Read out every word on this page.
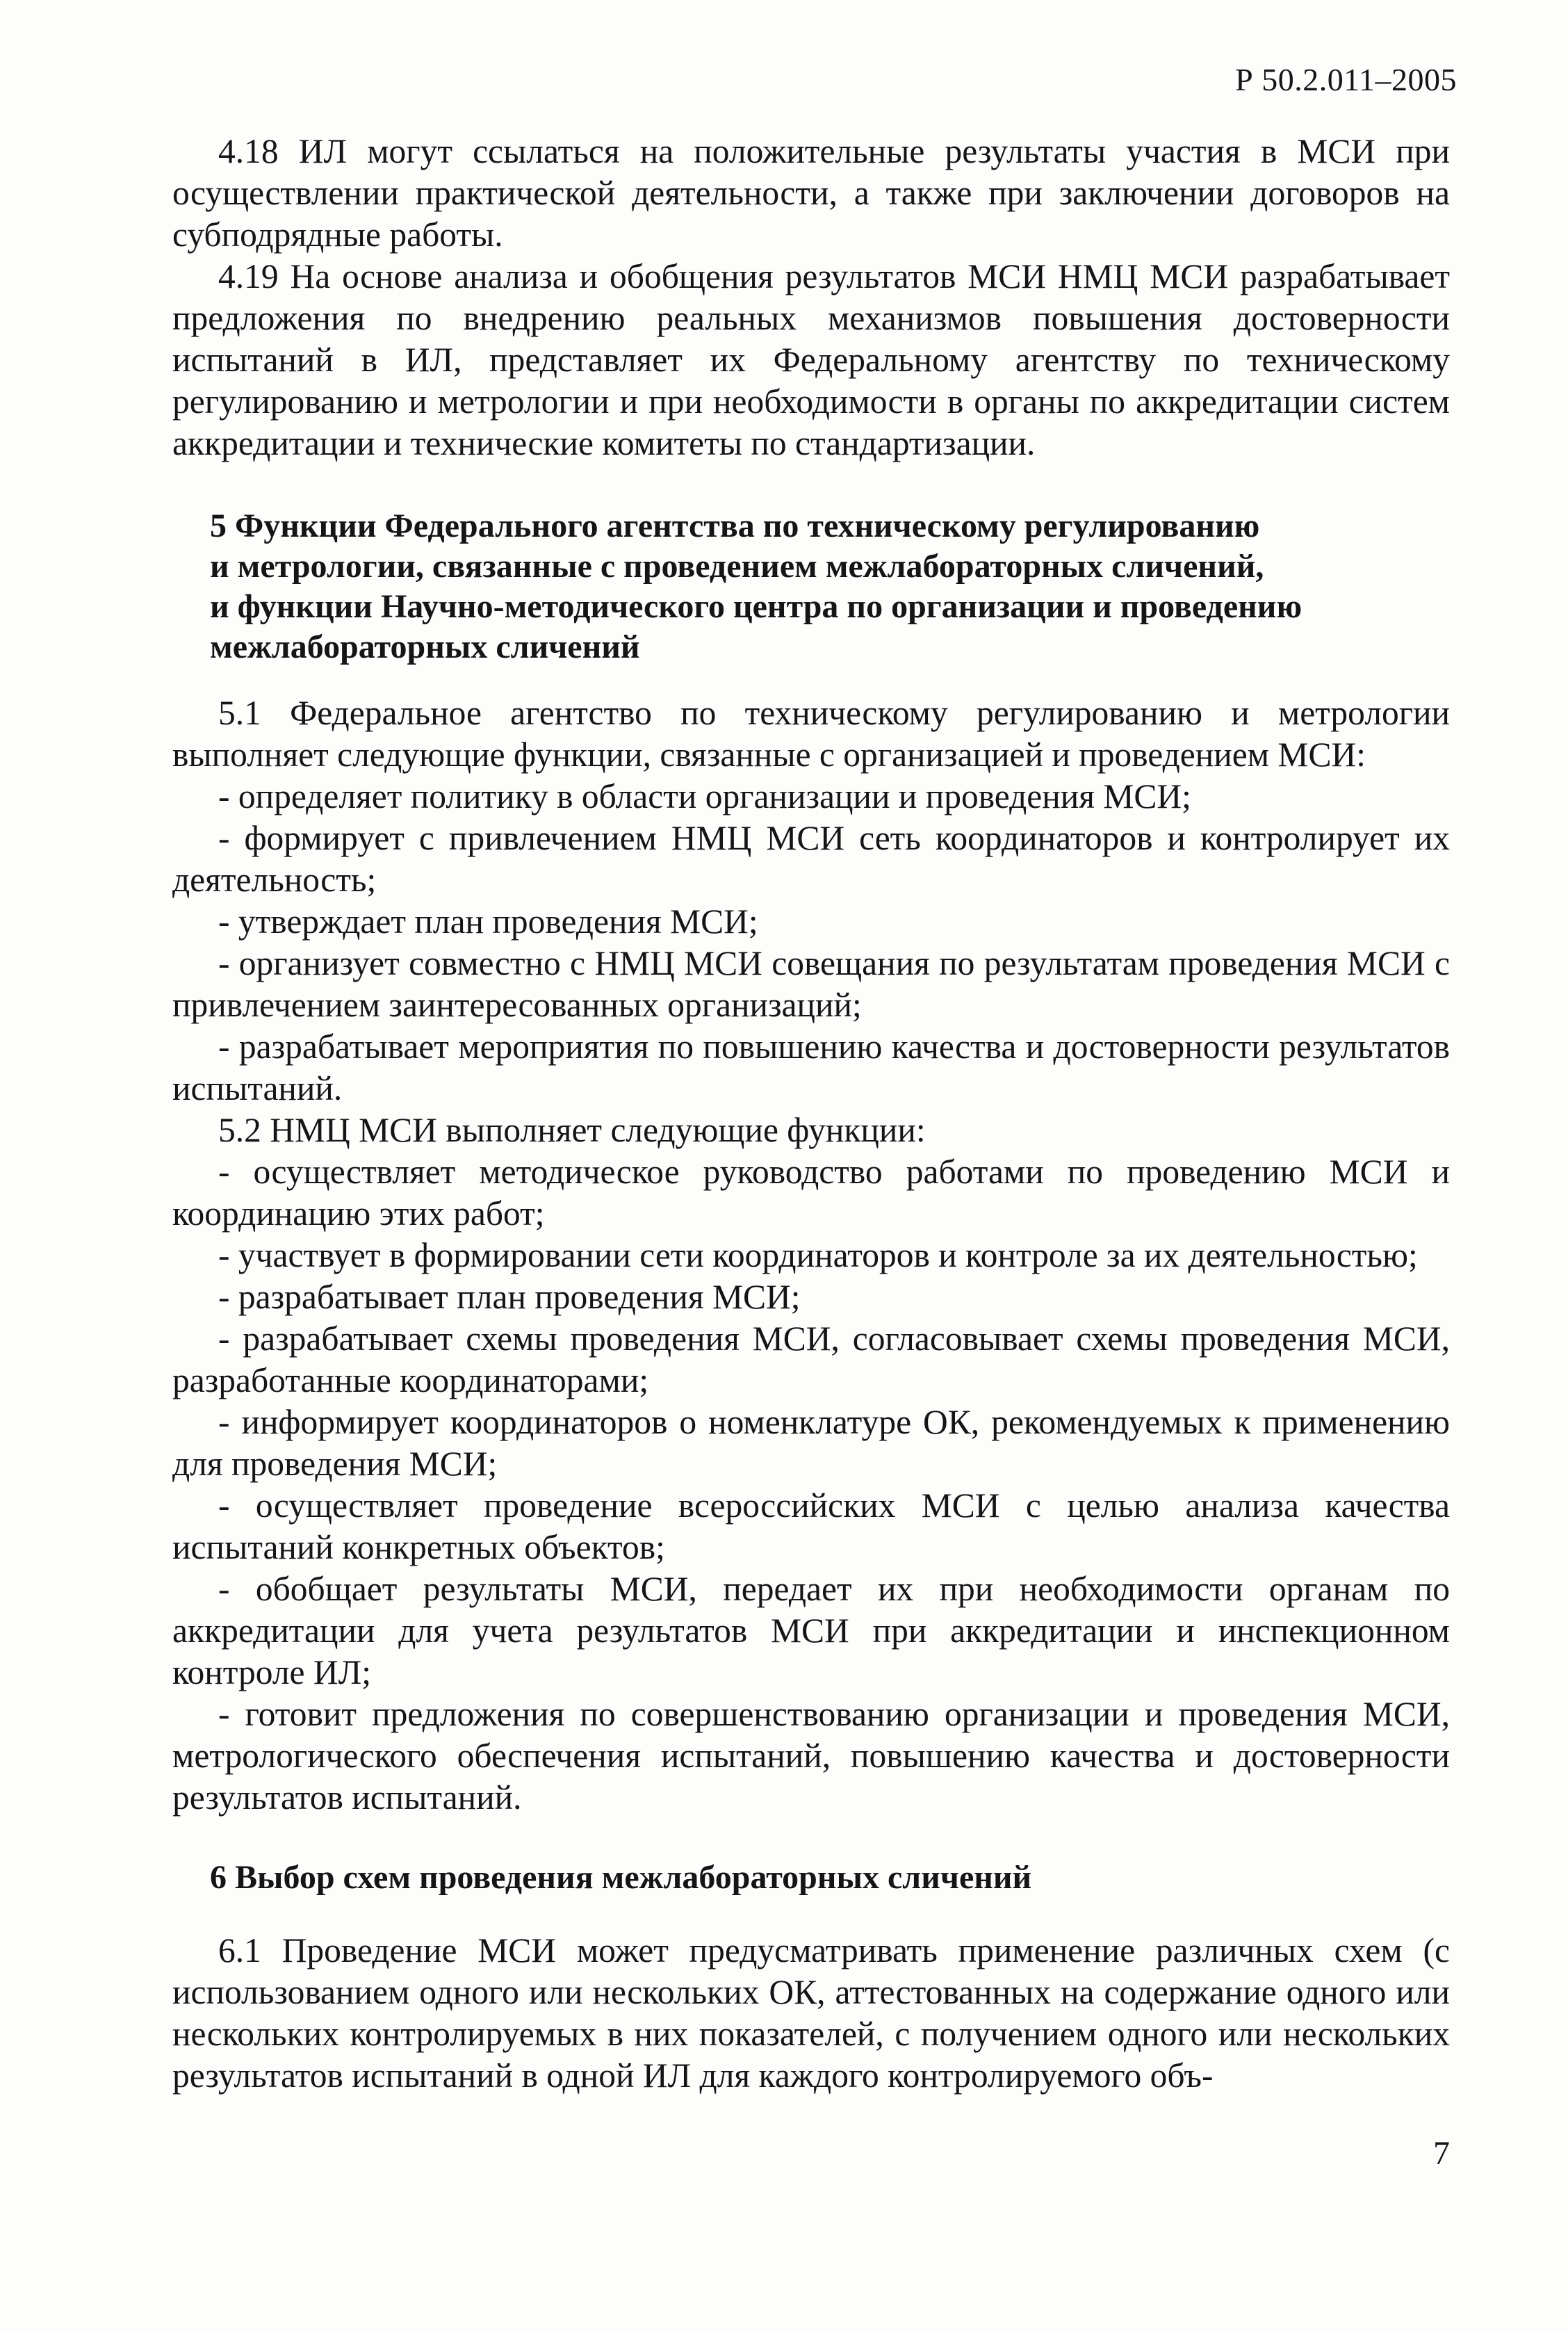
Р 50.2.011–2005

4.18 ИЛ могут ссылаться на положительные результаты участия в МСИ при осуществлении практической деятельности, а также при заключении договоров на субподрядные работы.

4.19 На основе анализа и обобщения результатов МСИ НМЦ МСИ разрабатывает предложения по внедрению реальных механизмов повышения достоверности испытаний в ИЛ, представляет их Федеральному агентству по техническому регулированию и метрологии и при необходимости в органы по аккредитации систем аккредитации и технические комитеты по стандартизации.

5 Функции Федерального агентства по техническому регулированию
и метрологии, связанные с проведением межлабораторных сличений,
и функции Научно-методического центра по организации и проведению
межлабораторных сличений

5.1 Федеральное агентство по техническому регулированию и метрологии выполняет следующие функции, связанные с организацией и проведением МСИ:

- определяет политику в области организации и проведения МСИ;

- формирует с привлечением НМЦ МСИ сеть координаторов и контролирует их деятельность;

- утверждает план проведения МСИ;

- организует совместно с НМЦ МСИ совещания по результатам проведения МСИ с привлечением заинтересованных организаций;

- разрабатывает мероприятия по повышению качества и достоверности результатов испытаний.

5.2 НМЦ МСИ выполняет следующие функции:

- осуществляет методическое руководство работами по проведению МСИ и координацию этих работ;

- участвует в формировании сети координаторов и контроле за их деятельностью;

- разрабатывает план проведения МСИ;

- разрабатывает схемы проведения МСИ, согласовывает схемы проведения МСИ, разработанные координаторами;

- информирует координаторов о номенклатуре ОК, рекомендуемых к применению для проведения МСИ;

- осуществляет проведение всероссийских МСИ с целью анализа качества испытаний конкретных объектов;

- обобщает результаты МСИ, передает их при необходимости органам по аккредитации для учета результатов МСИ при аккредитации и инспекционном контроле ИЛ;

- готовит предложения по совершенствованию организации и проведения МСИ, метрологического обеспечения испытаний, повышению качества и достоверности результатов испытаний.

6 Выбор схем проведения межлабораторных сличений

6.1 Проведение МСИ может предусматривать применение различных схем (с использованием одного или нескольких ОК, аттестованных на содержание одного или нескольких контролируемых в них показателей, с получением одного или нескольких результатов испытаний в одной ИЛ для каждого контролируемого объ-

7
